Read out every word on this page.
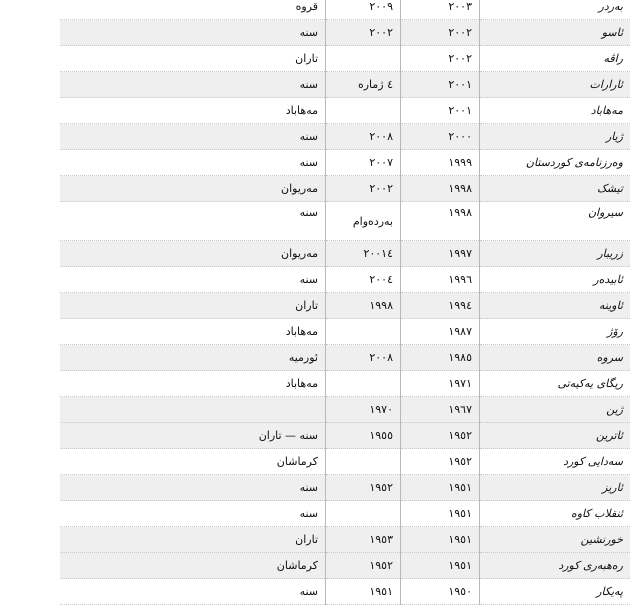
بەردر	٢٠٠٣	٢٠٠٩	قروه
ئاسو	٢٠٠٢	٢٠٠٢	سنه
راڤه	٢٠٠٢		تاران
ئارارات	٢٠٠١	٤ ژماره	سنه
مەهاباد	٢٠٠١		مەهاباد
ژیار	٢٠٠٠	٢٠٠٨	سنه
وەرزنامەی کوردستان	١٩٩٩	٢٠٠٧	سنه
تیشک	١٩٩٨	٢٠٠٢	مەریوان
سیروان	١٩٩٨	بەردەوام	سنه
زریبار	١٩٩٧	٢٠٠١٤	مەریوان
ئابیدەر	١٩٩٦	٢٠٠٤	سنه
ئاوینه	١٩٩٤	١٩٩٨	تاران
رۆژ	١٩٨٧		مەهاباد
سروه	١٩٨٥	٢٠٠٨	ئورمیه
ریگای یەکیەتی	١٩٧١		مەهاباد
ژین	١٩٦٧	١٩٧٠	
ئاترین	١٩٥٢	١٩٥٥	سنه — تاران
سەدایی کورد	١٩٥٢		کرماشان
ئاریز	١٩٥١	١٩٥٢	سنه
ئنقلاب کاوه	١٩٥١		سنه
خورنشین	١٩٥١	١٩٥٣	تاران
رەهبەری کورد	١٩٥١	١٩٥٢	کرماشان
پەیکار	١٩٥٠	١٩٥١	سنه
